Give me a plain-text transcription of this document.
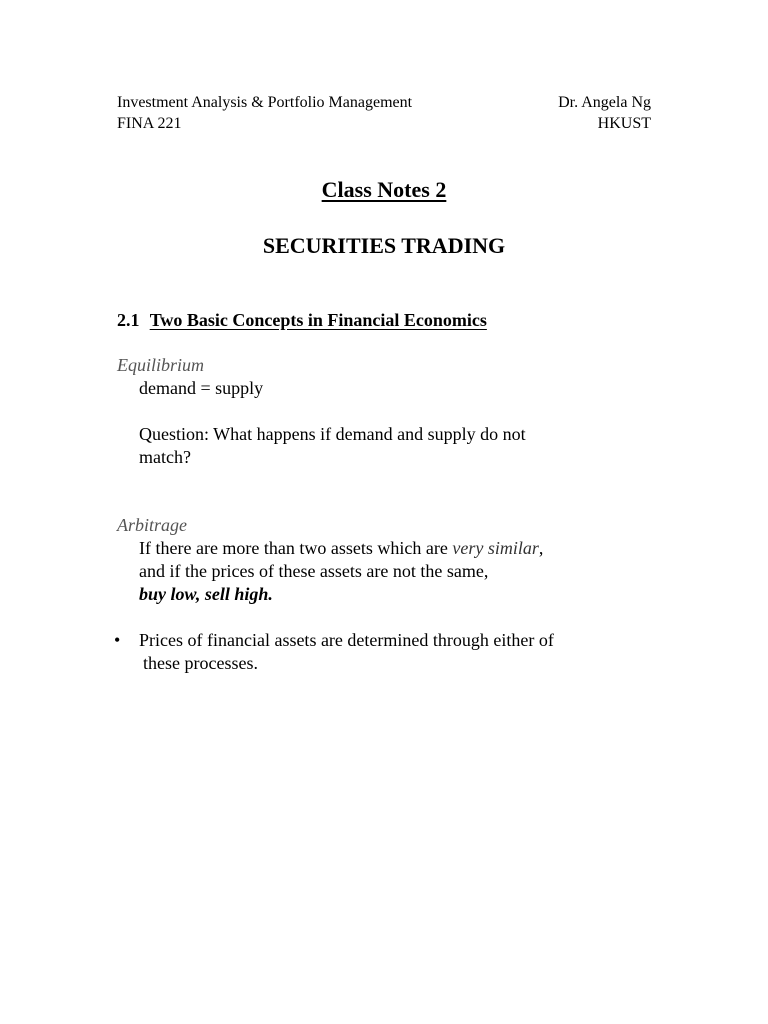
Investment Analysis & Portfolio Management	Dr. Angela Ng
FINA 221	HKUST
Class Notes 2
SECURITIES TRADING
2.1 Two Basic Concepts in Financial Economics
Equilibrium
demand = supply
Question: What happens if demand and supply do not
match?
Arbitrage
If there are more than two assets which are very similar,
and if the prices of these assets are not the same,
buy low, sell high.
• Prices of financial assets are determined through either of
these processes.
